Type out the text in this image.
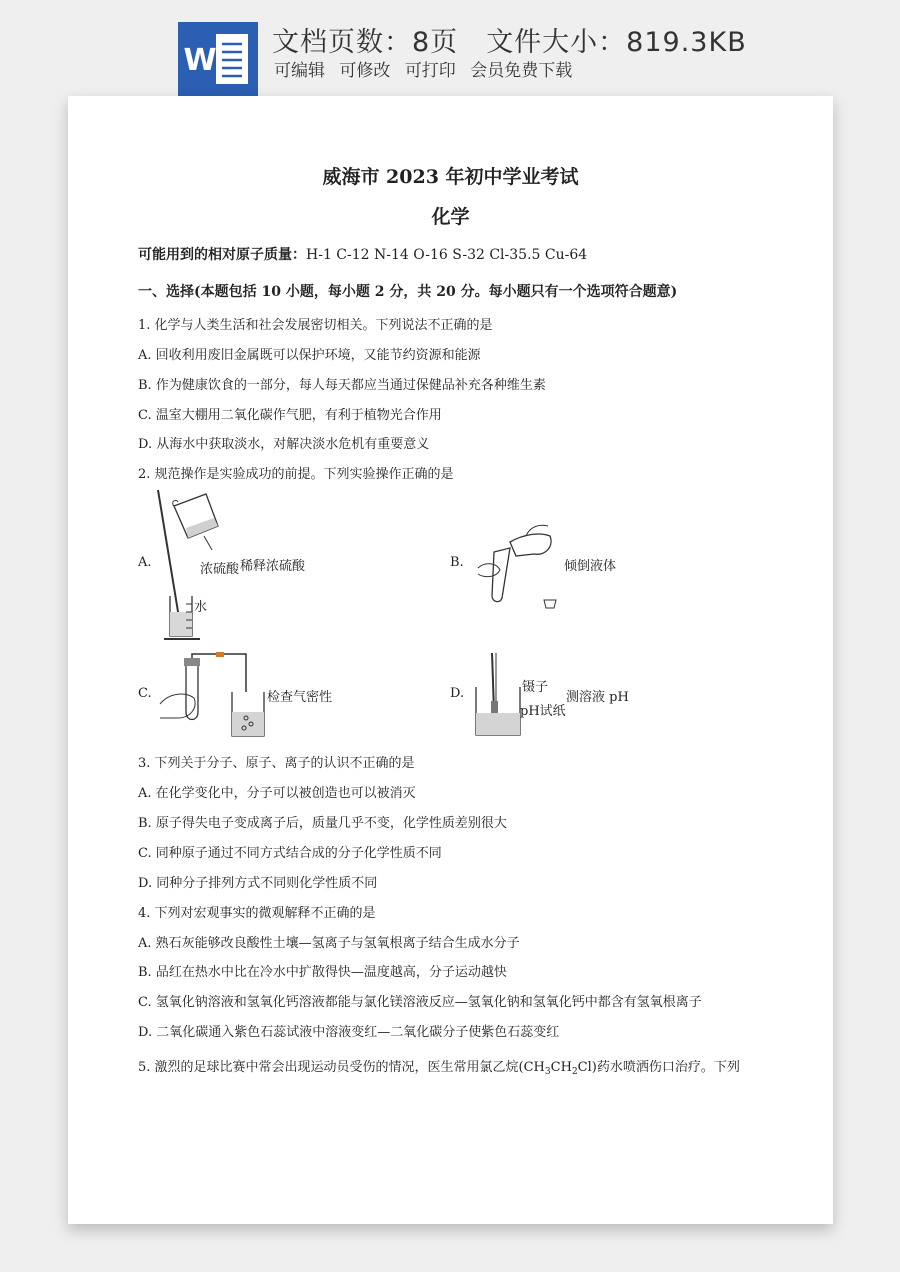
W
文档页数：8页 文件大小：819.3KB
可编辑 可修改 可打印 会员免费下载
威海市 2023 年初中学业考试
化学
可能用到的相对原子质量：H-1 C-12 N-14 O-16 S-32 Cl-35.5 Cu-64
一、选择(本题包括 10 小题，每小题 2 分，共 20 分。每小题只有一个选项符合题意)
1. 化学与人类生活和社会发展密切相关。下列说法不正确的是
A. 回收利用废旧金属既可以保护环境，又能节约资源和能源
B. 作为健康饮食的一部分，每人每天都应当通过保健品补充各种维生素
C. 温室大棚用二氧化碳作气肥，有利于植物光合作用
D. 从海水中获取淡水，对解决淡水危机有重要意义
2. 规范操作是实验成功的前提。下列实验操作正确的是
A.	浓硫酸 稀释浓硫酸
水
B.	倾倒液体
C.	检查气密性	D.	镊子
pH试纸
测溶液 pH
3. 下列关于分子、原子、离子的认识不正确的是
A. 在化学变化中，分子可以被创造也可以被消灭
B. 原子得失电子变成离子后，质量几乎不变，化学性质差别很大
C. 同种原子通过不同方式结合成的分子化学性质不同
D. 同种分子排列方式不同则化学性质不同
4. 下列对宏观事实的微观解释不正确的是
A. 熟石灰能够改良酸性土壤—氢离子与氢氧根离子结合生成水分子
B. 品红在热水中比在冷水中扩散得快—温度越高，分子运动越快
C. 氢氧化钠溶液和氢氧化钙溶液都能与氯化镁溶液反应—氢氧化钠和氢氧化钙中都含有氢氧根离子
D. 二氧化碳通入紫色石蕊试液中溶液变红—二氧化碳分子使紫色石蕊变红
5. 激烈的足球比赛中常会出现运动员受伤的情况，医生常用氯乙烷$(CH_3CH_2Cl)$药水喷洒伤口治疗。下列
